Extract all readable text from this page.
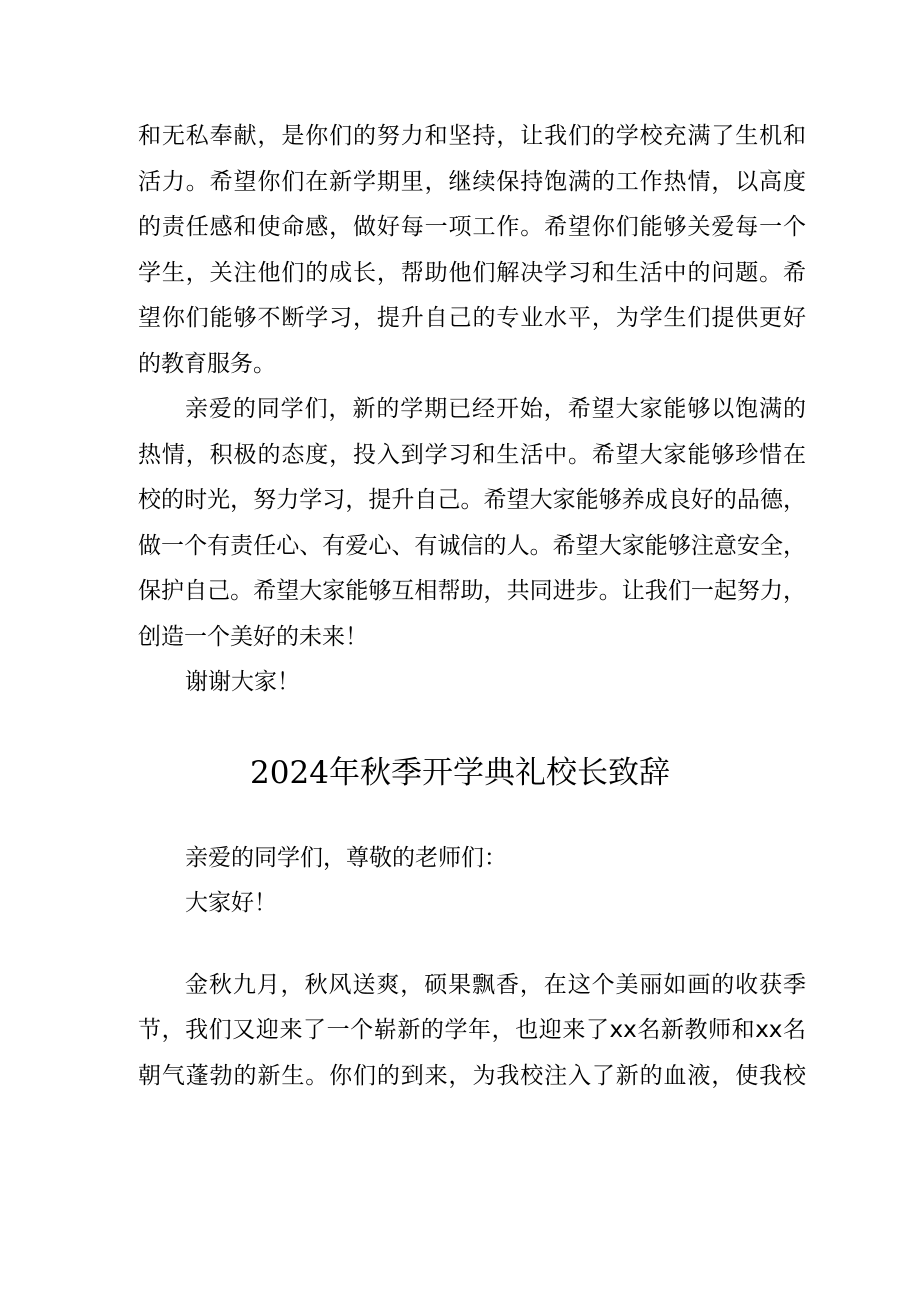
和无私奉献，是你们的努力和坚持，让我们的学校充满了生机和
活力。希望你们在新学期里，继续保持饱满的工作热情，以高度
的责任感和使命感，做好每一项工作。希望你们能够关爱每一个
学生，关注他们的成长，帮助他们解决学习和生活中的问题。希
望你们能够不断学习，提升自己的专业水平，为学生们提供更好
的教育服务。
亲爱的同学们，新的学期已经开始，希望大家能够以饱满的
热情，积极的态度，投入到学习和生活中。希望大家能够珍惜在
校的时光，努力学习，提升自己。希望大家能够养成良好的品德，
做一个有责任心、有爱心、有诚信的人。希望大家能够注意安全，
保护自己。希望大家能够互相帮助，共同进步。让我们一起努力，
创造一个美好的未来！
谢谢大家！
2024年秋季开学典礼校长致辞
亲爱的同学们，尊敬的老师们：
大家好！
金秋九月，秋风送爽，硕果飘香，在这个美丽如画的收获季
节，我们又迎来了一个崭新的学年，也迎来了xx名新教师和xx名
朝气蓬勃的新生。你们的到来，为我校注入了新的血液，使我校
